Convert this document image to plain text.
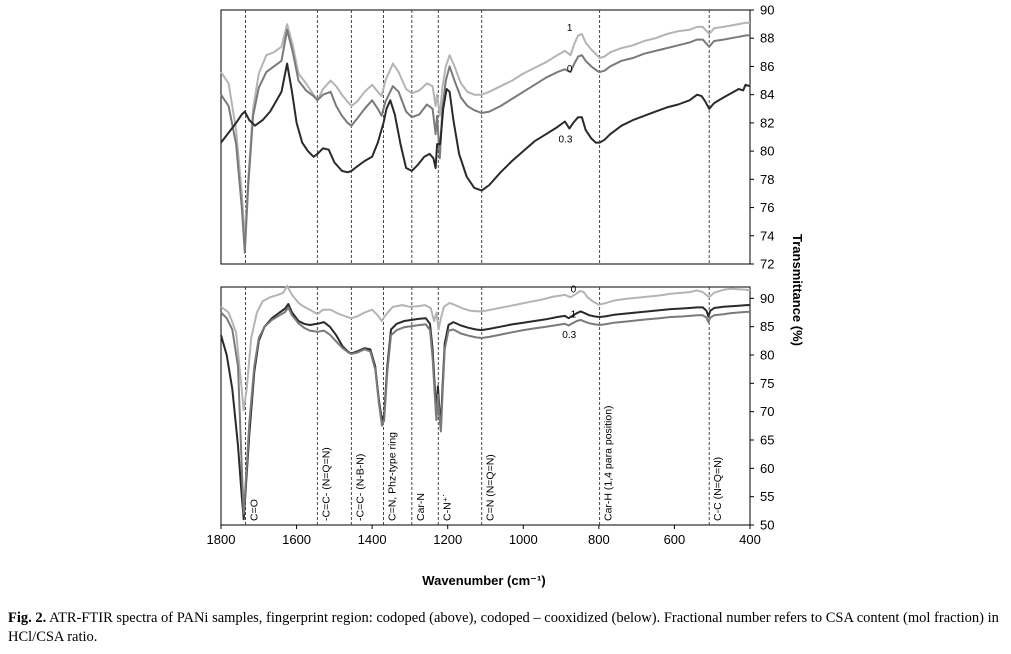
72
74
76
78
80
82
84
86
88
90
50
55
60
65
70
75
80
85
90
1800	1600	1400	1200	1000	800	600	400
1
0
0.3
0
1
0.3
C=O	-C=C- (N=Q=N) -C=C- (N-B-N) C=N, Phz-type ring Car-N C-N⁺˙	C=N (N=Q=N)	Car-H (1,4 para position)	C-C (N=Q=N)
Wavenumber (cm⁻¹)
Transmittance (%)
Fig. 2. ATR-FTIR spectra of PANi samples, fingerprint region: codoped (above), codoped – cooxidized (below). Fractional number refers to CSA content (mol fraction) in HCl/CSA ratio.
